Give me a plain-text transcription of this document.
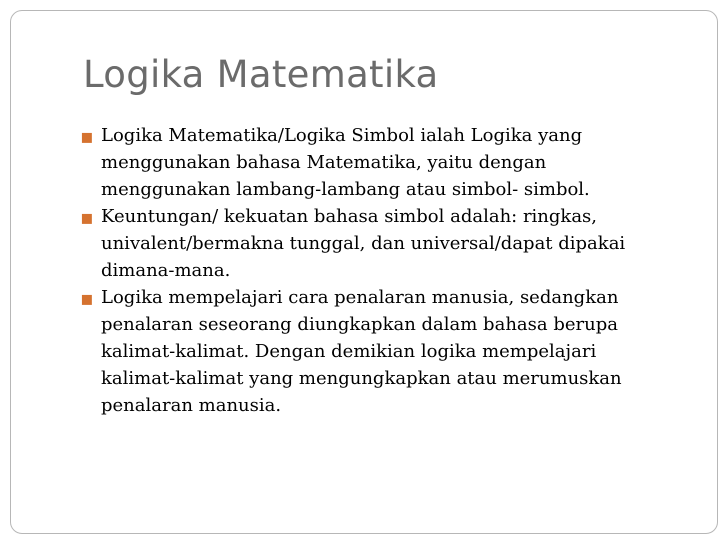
Logika Matematika
▪ Logika Matematika/Logika Simbol ialah Logika yang
menggunakan bahasa Matematika, yaitu dengan
menggunakan lambang-lambang atau simbol- simbol.
▪ Keuntungan/ kekuatan bahasa simbol adalah: ringkas,
univalent/bermakna tunggal, dan universal/dapat dipakai
dimana-mana.
▪ Logika mempelajari cara penalaran manusia, sedangkan
penalaran seseorang diungkapkan dalam bahasa berupa
kalimat-kalimat. Dengan demikian logika mempelajari
kalimat-kalimat yang mengungkapkan atau merumuskan
penalaran manusia.
